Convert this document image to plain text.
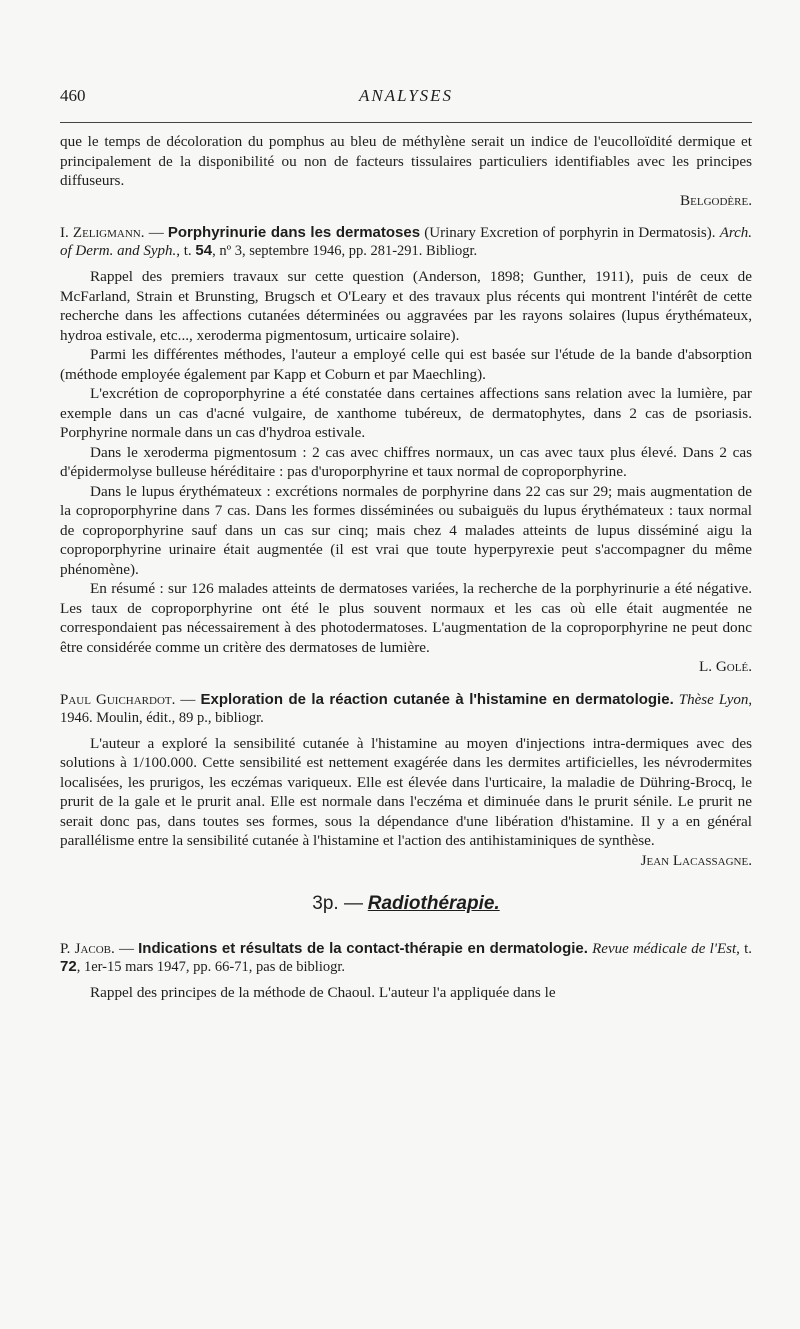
460	ANALYSES

que le temps de décoloration du pomphus au bleu de méthylène serait un indice de l'eucolloïdité dermique et principalement de la disponibilité ou non de facteurs tissulaires particuliers identifiables avec les principes diffuseurs.

Belgodère.

I. Zeligmann. — Porphyrinurie dans les dermatoses (Urinary Excretion of porphyrin in Dermatosis). Arch. of Derm. and Syph., t. 54, nº 3, septembre 1946, pp. 281-291. Bibliogr.

Rappel des premiers travaux sur cette question (Anderson, 1898; Gunther, 1911), puis de ceux de McFarland, Strain et Brunsting, Brugsch et O'Leary et des travaux plus récents qui montrent l'intérêt de cette recherche dans les affections cutanées déterminées ou aggravées par les rayons solaires (lupus érythémateux, hydroa estivale, etc..., xeroderma pigmentosum, urticaire solaire).

Parmi les différentes méthodes, l'auteur a employé celle qui est basée sur l'étude de la bande d'absorption (méthode employée également par Kapp et Coburn et par Maechling).

L'excrétion de coproporphyrine a été constatée dans certaines affections sans relation avec la lumière, par exemple dans un cas d'acné vulgaire, de xanthome tubéreux, de dermatophytes, dans 2 cas de psoriasis. Porphyrine normale dans un cas d'hydroa estivale.

Dans le xeroderma pigmentosum : 2 cas avec chiffres normaux, un cas avec taux plus élevé. Dans 2 cas d'épidermolyse bulleuse héréditaire : pas d'uroporphyrine et taux normal de coproporphyrine.

Dans le lupus érythémateux : excrétions normales de porphyrine dans 22 cas sur 29; mais augmentation de la coproporphyrine dans 7 cas. Dans les formes disséminées ou subaiguës du lupus érythémateux : taux normal de coproporphyrine sauf dans un cas sur cinq; mais chez 4 malades atteints de lupus disséminé aigu la coproporphyrine urinaire était augmentée (il est vrai que toute hyperpyrexie peut s'accompagner du même phénomène).

En résumé : sur 126 malades atteints de dermatoses variées, la recherche de la porphyrinurie a été négative. Les taux de coproporphyrine ont été le plus souvent normaux et les cas où elle était augmentée ne correspondaient pas nécessairement à des photodermatoses. L'augmentation de la coproporphyrine ne peut donc être considérée comme un critère des dermatoses de lumière.

L. Golé.

Paul Guichardot. — Exploration de la réaction cutanée à l'histamine en dermatologie. Thèse Lyon, 1946. Moulin, édit., 89 p., bibliogr.

L'auteur a exploré la sensibilité cutanée à l'histamine au moyen d'injections intra-dermiques avec des solutions à 1/100.000. Cette sensibilité est nettement exagérée dans les dermites artificielles, les névrodermites localisées, les prurigos, les eczémas variqueux. Elle est élevée dans l'urticaire, la maladie de Dühring-Brocq, le prurit de la gale et le prurit anal. Elle est normale dans l'eczéma et diminuée dans le prurit sénile. Le prurit ne serait donc pas, dans toutes ses formes, sous la dépendance d'une libération d'histamine. Il y a en général parallélisme entre la sensibilité cutanée à l'histamine et l'action des antihistaminiques de synthèse.

Jean Lacassagne.

3p. — Radiothérapie.
P. Jacob. — Indications et résultats de la contact-thérapie en dermatologie. Revue médicale de l'Est, t. 72, 1er-15 mars 1947, pp. 66-71, pas de bibliogr.

Rappel des principes de la méthode de Chaoul. L'auteur l'a appliquée dans le
